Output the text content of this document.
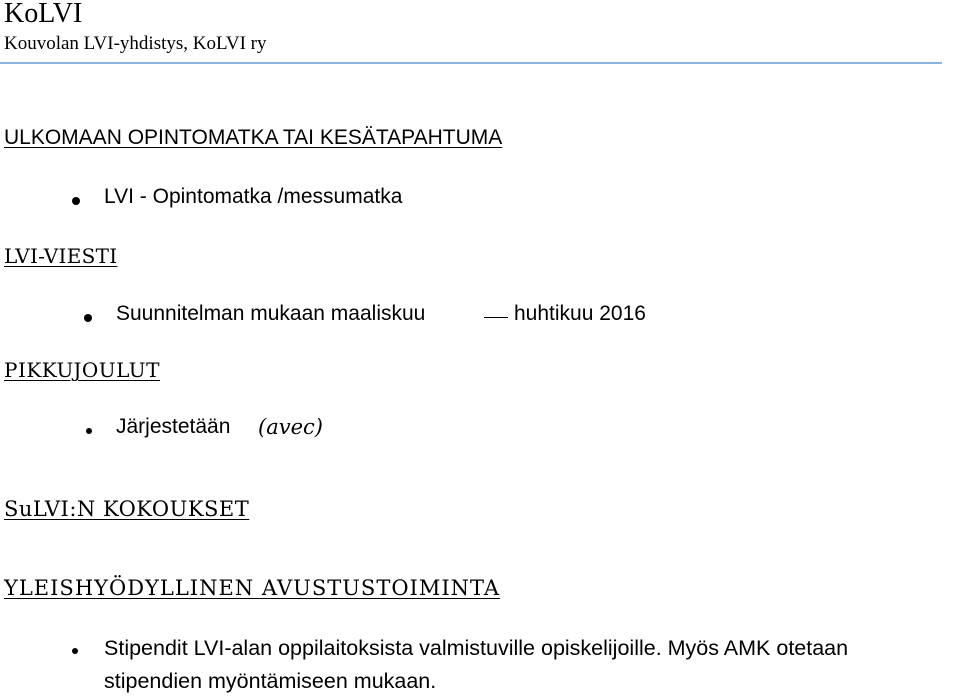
KoLVI
Kouvolan LVI-yhdistys, KoLVI ry
ULKOMAAN OPINTOMATKA TAI KESÄTAPAHTUMA
LVI - Opintomatka /messumatka
LVI-VIESTI
Suunnitelman mukaan maaliskuu	huhtikuu 2016
PIKKUJOULUT
Järjestetään (avec)
SuLVI:N KOKOUKSET
YLEISHYÖDYLLINEN AVUSTUSTOIMINTA
Stipendit LVI-alan oppilaitoksista valmistuville opiskelijoille. Myös AMK otetaan
stipendien myöntämiseen mukaan.
